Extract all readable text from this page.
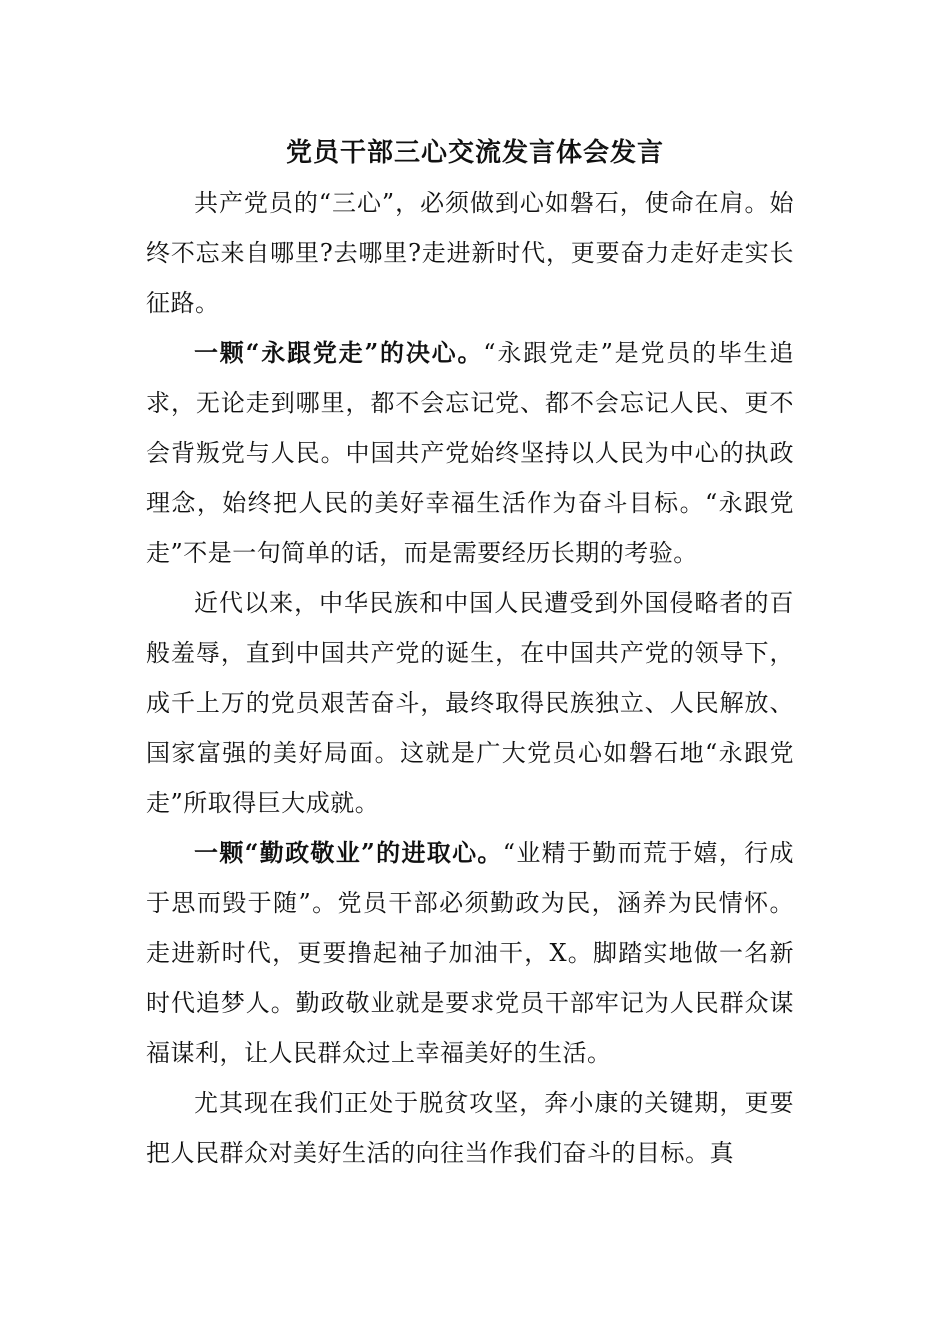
党员干部三心交流发言体会发言

共产党员的“三心”，必须做到心如磐石，使命在肩。始终不忘来自哪里?去哪里?走进新时代，更要奋力走好走实长征路。

一颗“永跟党走”的决心。“永跟党走”是党员的毕生追求，无论走到哪里，都不会忘记党、都不会忘记人民、更不会背叛党与人民。中国共产党始终坚持以人民为中心的执政理念，始终把人民的美好幸福生活作为奋斗目标。“永跟党走”不是一句简单的话，而是需要经历长期的考验。

近代以来，中华民族和中国人民遭受到外国侵略者的百般羞辱，直到中国共产党的诞生，在中国共产党的领导下，成千上万的党员艰苦奋斗，最终取得民族独立、人民解放、国家富强的美好局面。这就是广大党员心如磐石地“永跟党走”所取得巨大成就。

一颗“勤政敬业”的进取心。“业精于勤而荒于嬉，行成于思而毁于随”。党员干部必须勤政为民，涵养为民情怀。走进新时代，更要撸起袖子加油干，X。脚踏实地做一名新时代追梦人。勤政敬业就是要求党员干部牢记为人民群众谋福谋利，让人民群众过上幸福美好的生活。

尤其现在我们正处于脱贫攻坚，奔小康的关键期，更要把人民群众对美好生活的向往当作我们奋斗的目标。真
